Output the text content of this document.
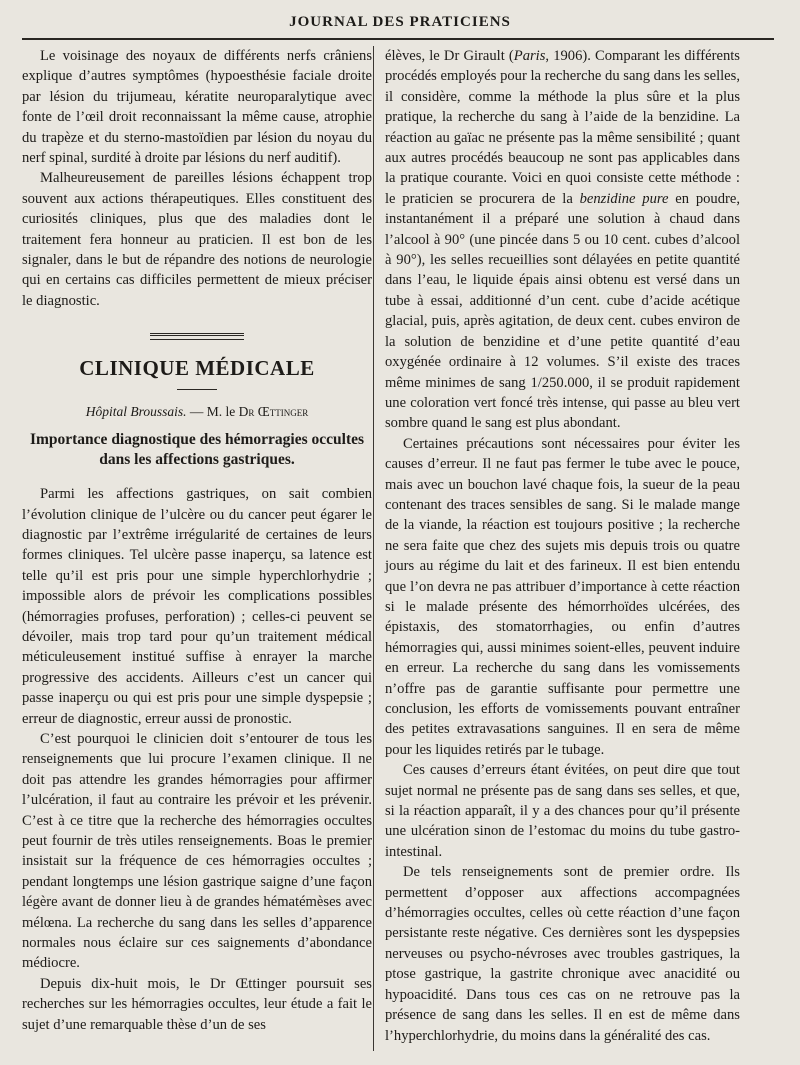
JOURNAL DES PRATICIENS

Le voisinage des noyaux de différents nerfs crâniens explique d’autres symptômes (hypoesthésie faciale droite par lésion du trijumeau, kératite neuroparalytique avec fonte de l’œil droit reconnaissant la même cause, atrophie du trapèze et du sterno-mastoïdien par lésion du noyau du nerf spinal, surdité à droite par lésions du nerf auditif).

Malheureusement de pareilles lésions échappent trop souvent aux actions thérapeutiques. Elles constituent des curiosités cliniques, plus que des maladies dont le traitement fera honneur au praticien. Il est bon de les signaler, dans le but de répandre des notions de neurologie qui en certains cas difficiles permettent de mieux préciser le diagnostic.

CLINIQUE MÉDICALE

Hôpital Broussais. — M. le Dr Œttinger

Importance diagnostique des hémorragies occultes
dans les affections gastriques.

Parmi les affections gastriques, on sait combien l’évolution clinique de l’ulcère ou du cancer peut égarer le diagnostic par l’extrême irrégularité de certaines de leurs formes cliniques. Tel ulcère passe inaperçu, sa latence est telle qu’il est pris pour une simple hyperchlorhydrie ; impossible alors de prévoir les complications possibles (hémorragies profuses, perforation) ; celles-ci peuvent se dévoiler, mais trop tard pour qu’un traitement médical méticuleusement institué suffise à enrayer la marche progressive des accidents. Ailleurs c’est un cancer qui passe inaperçu ou qui est pris pour une simple dyspepsie ; erreur de diagnostic, erreur aussi de pronostic.

C’est pourquoi le clinicien doit s’entourer de tous les renseignements que lui procure l’examen clinique. Il ne doit pas attendre les grandes hémorragies pour affirmer l’ulcération, il faut au contraire les prévoir et les prévenir. C’est à ce titre que la recherche des hémorragies occultes peut fournir de très utiles renseignements. Boas le premier insistait sur la fréquence de ces hémorragies occultes ; pendant longtemps une lésion gastrique saigne d’une façon légère avant de donner lieu à de grandes hématémèses avec mélœna. La recherche du sang dans les selles d’apparence normales nous éclaire sur ces saignements d’abondance médiocre.

Depuis dix-huit mois, le Dr Œttinger poursuit ses recherches sur les hémorragies occultes, leur étude a fait le sujet d’une remarquable thèse d’un de ses

élèves, le Dr Girault (Paris, 1906). Comparant les différents procédés employés pour la recherche du sang dans les selles, il considère, comme la méthode la plus sûre et la plus pratique, la recherche du sang à l’aide de la benzidine. La réaction au gaïac ne présente pas la même sensibilité ; quant aux autres procédés beaucoup ne sont pas applicables dans la pratique courante. Voici en quoi consiste cette méthode : le praticien se procurera de la benzidine pure en poudre, instantanément il a préparé une solution à chaud dans l’alcool à 90° (une pincée dans 5 ou 10 cent. cubes d’alcool à 90°), les selles recueillies sont délayées en petite quantité dans l’eau, le liquide épais ainsi obtenu est versé dans un tube à essai, additionné d’un cent. cube d’acide acétique glacial, puis, après agitation, de deux cent. cubes environ de la solution de benzidine et d’une petite quantité d’eau oxygénée ordinaire à 12 volumes. S’il existe des traces même minimes de sang 1/250.000, il se produit rapidement une coloration vert foncé très intense, qui passe au bleu vert sombre quand le sang est plus abondant.

Certaines précautions sont nécessaires pour éviter les causes d’erreur. Il ne faut pas fermer le tube avec le pouce, mais avec un bouchon lavé chaque fois, la sueur de la peau contenant des traces sensibles de sang. Si le malade mange de la viande, la réaction est toujours positive ; la recherche ne sera faite que chez des sujets mis depuis trois ou quatre jours au régime du lait et des farineux. Il est bien entendu que l’on devra ne pas attribuer d’importance à cette réaction si le malade présente des hémorrhoïdes ulcérées, des épistaxis, des stomatorrhagies, ou enfin d’autres hémorragies qui, aussi minimes soient-elles, peuvent induire en erreur. La recherche du sang dans les vomissements n’offre pas de garantie suffisante pour permettre une conclusion, les efforts de vomissements pouvant entraîner des petites extravasations sanguines. Il en sera de même pour les liquides retirés par le tubage.

Ces causes d’erreurs étant évitées, on peut dire que tout sujet normal ne présente pas de sang dans ses selles, et que, si la réaction apparaît, il y a des chances pour qu’il présente une ulcération sinon de l’estomac du moins du tube gastro-intestinal.

De tels renseignements sont de premier ordre. Ils permettent d’opposer aux affections accompagnées d’hémorragies occultes, celles où cette réaction d’une façon persistante reste négative. Ces dernières sont les dyspepsies nerveuses ou psycho-névroses avec troubles gastriques, la ptose gastrique, la gastrite chronique avec anacidité ou hypoacidité. Dans tous ces cas on ne retrouve pas la présence de sang dans les selles. Il en est de même dans l’hyperchlorhydrie, du moins dans la généralité des cas.
